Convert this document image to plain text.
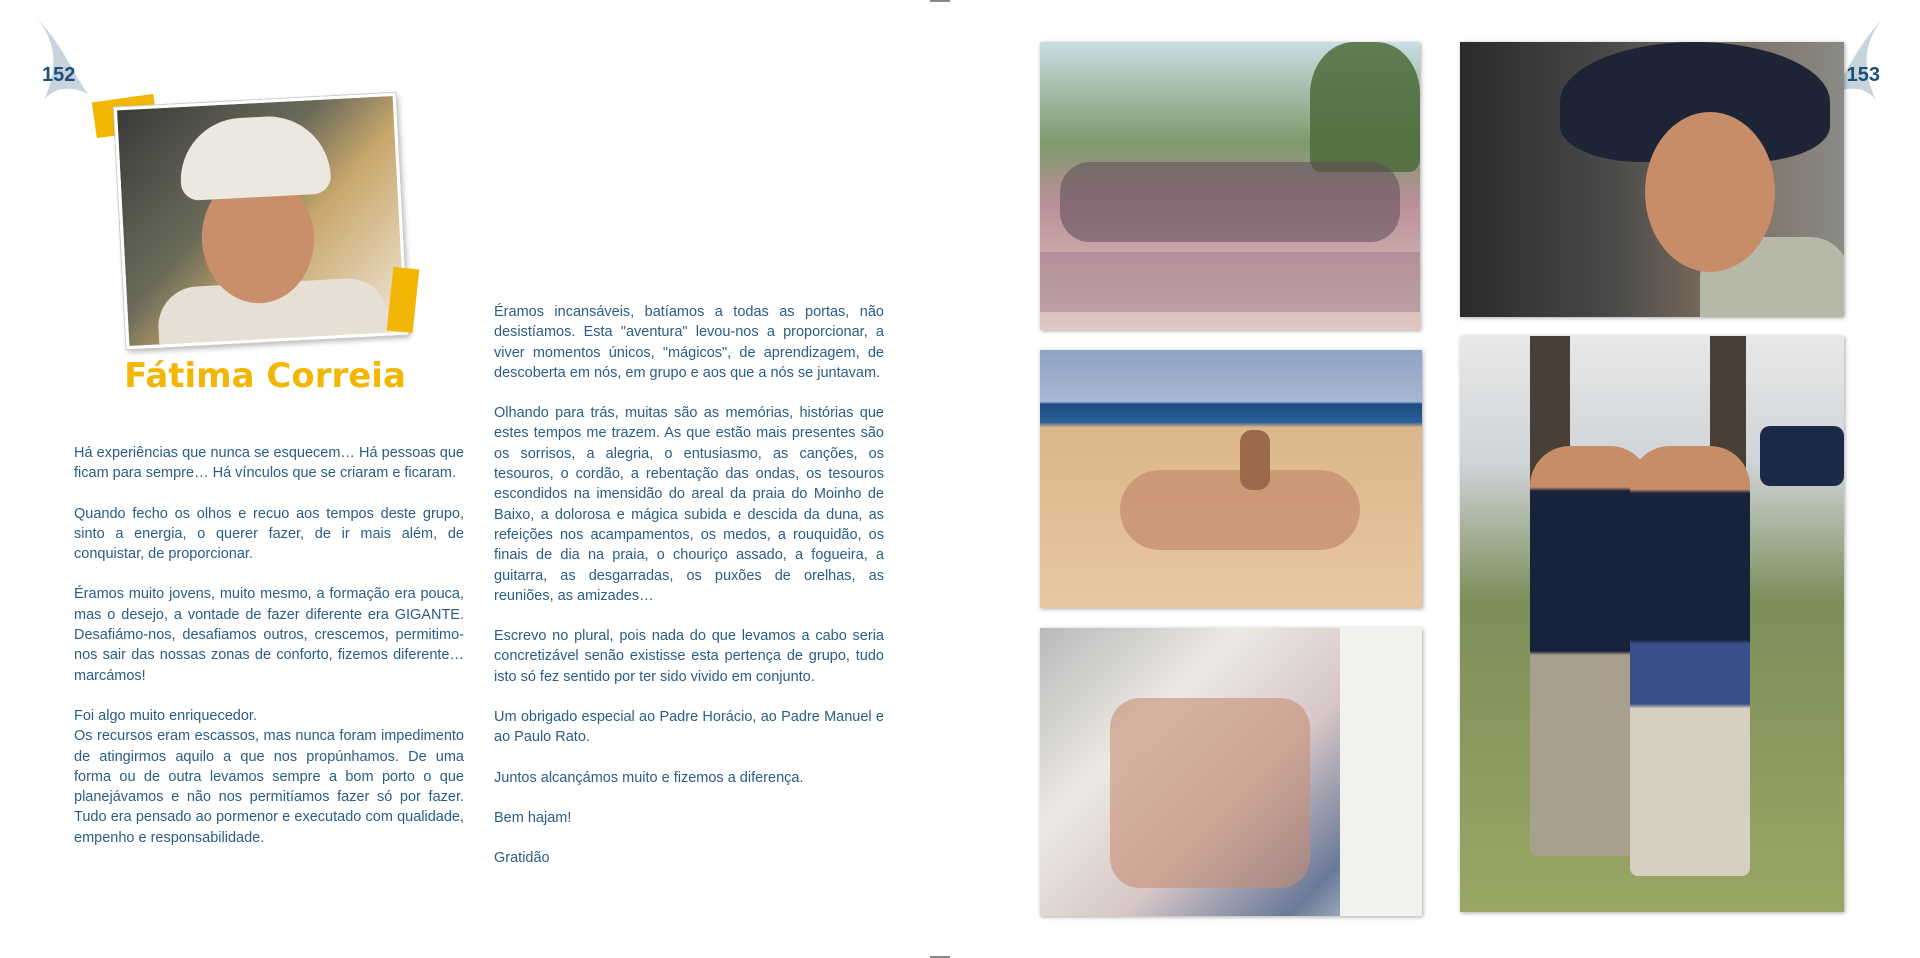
152
Fátima Correia

Há experiências que nunca se esquecem… Há pessoas que ficam para sempre… Há vínculos que se criaram e ficaram.

Quando fecho os olhos e recuo aos tempos deste grupo, sinto a energia, o querer fazer, de ir mais além, de conquistar, de proporcionar.

Éramos muito jovens, muito mesmo, a formação era pouca, mas o desejo, a vontade de fazer diferente era GIGANTE. Desafiámo-nos, desafiamos outros, crescemos, permitimo-nos sair das nossas zonas de conforto, fizemos diferente… marcámos!

Foi algo muito enriquecedor.
Os recursos eram escassos, mas nunca foram impedimento de atingirmos aquilo a que nos propúnhamos. De uma forma ou de outra levamos sempre a bom porto o que planejávamos e não nos permitíamos fazer só por fazer. Tudo era pensado ao pormenor e executado com qualidade, empenho e responsabilidade.

Éramos incansáveis, batíamos a todas as portas, não desistíamos. Esta "aventura" levou-nos a proporcionar, a viver momentos únicos, "mágicos", de aprendizagem, de descoberta em nós, em grupo e aos que a nós se juntavam.

Olhando para trás, muitas são as memórias, histórias que estes tempos me trazem. As que estão mais presentes são os sorrisos, a alegria, o entusiasmo, as canções, os tesouros, o cordão, a rebentação das ondas, os tesouros escondidos na imensidão do areal da praia do Moinho de Baixo, a dolorosa e mágica subida e descida da duna, as refeições nos acampamentos, os medos, a rouquidão, os finais de dia na praia, o chouriço assado, a fogueira, a guitarra, as desgarradas, os puxões de orelhas, as reuniões, as amizades…

Escrevo no plural, pois nada do que levamos a cabo seria concretizável senão existisse esta pertença de grupo, tudo isto só fez sentido por ter sido vivido em conjunto.

Um obrigado especial ao Padre Horácio, ao Padre Manuel e ao Paulo Rato.

Juntos alcançámos muito e fizemos a diferença.

Bem hajam!

Gratidão

153
